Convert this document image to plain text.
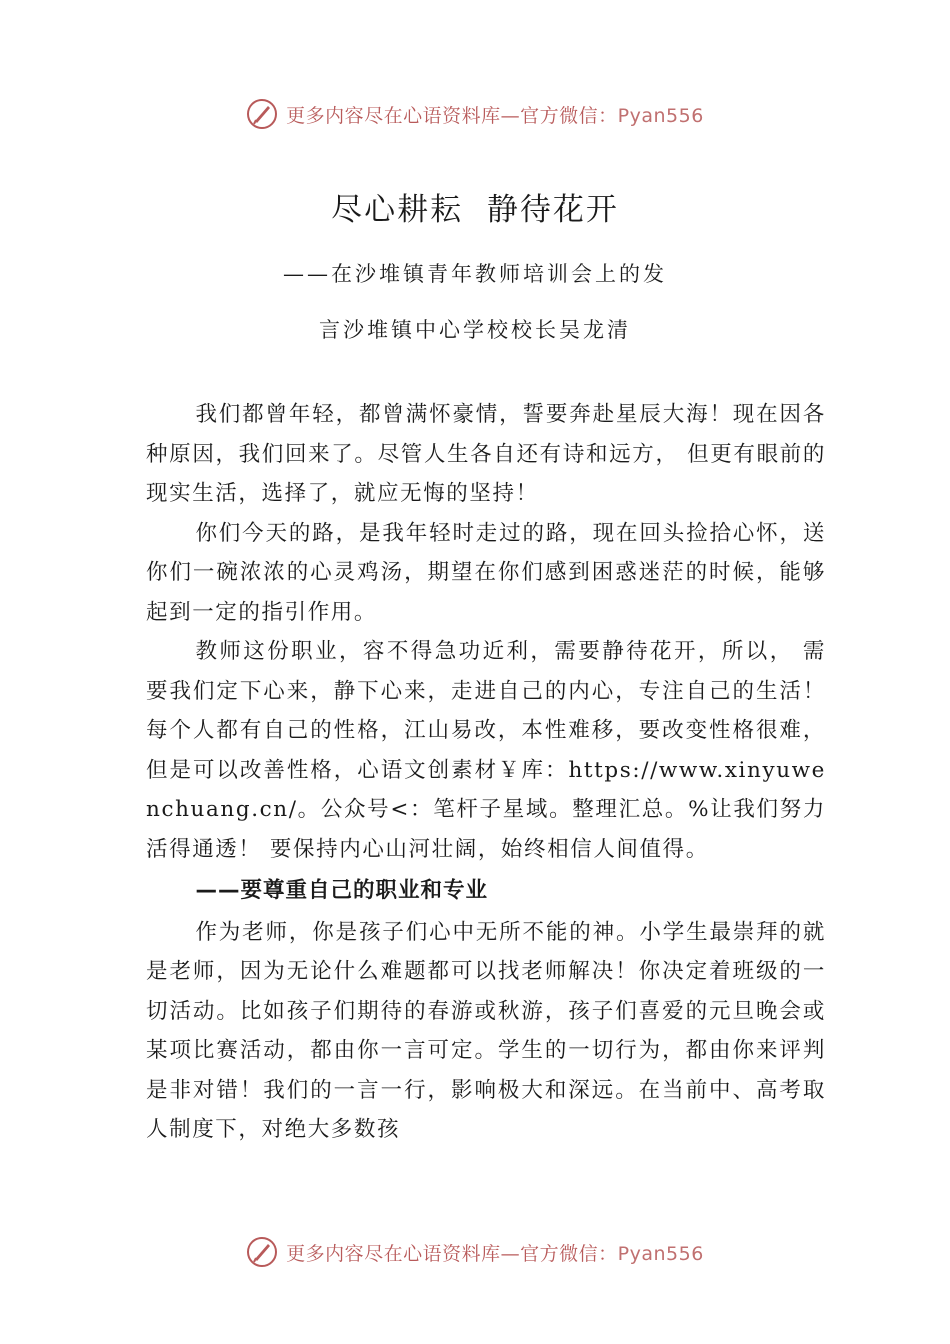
更多内容尽在心语资料库—官方微信：Pyan556
尽心耕耘  静待花开
——在沙堆镇青年教师培训会上的发
言沙堆镇中心学校校长吴龙清

我们都曾年轻，都曾满怀豪情，誓要奔赴星辰大海！现在因各种原因，我们回来了。尽管人生各自还有诗和远方， 但更有眼前的现实生活，选择了，就应无悔的坚持！

你们今天的路，是我年轻时走过的路，现在回头捡拾心怀，送你们一碗浓浓的心灵鸡汤，期望在你们感到困惑迷茫的时候，能够起到一定的指引作用。

教师这份职业，容不得急功近利，需要静待花开，所以， 需要我们定下心来，静下心来，走进自己的内心，专注自己的生活！每个人都有自己的性格，江山易改，本性难移，要改变性格很难，但是可以改善性格，心语文创素材￥库：https://www.xinyuwenchuang.cn/。公众号<：笔杆子星域。整理汇总。%让我们努力活得通透！ 要保持内心山河壮阔，始终相信人间值得。

——要尊重自己的职业和专业

作为老师，你是孩子们心中无所不能的神。小学生最崇拜的就是老师，因为无论什么难题都可以找老师解决！你决定着班级的一切活动。比如孩子们期待的春游或秋游，孩子们喜爱的元旦晚会或某项比赛活动，都由你一言可定。学生的一切行为，都由你来评判是非对错！我们的一言一行，影响极大和深远。在当前中、高考取人制度下，对绝大多数孩

更多内容尽在心语资料库—官方微信：Pyan556
